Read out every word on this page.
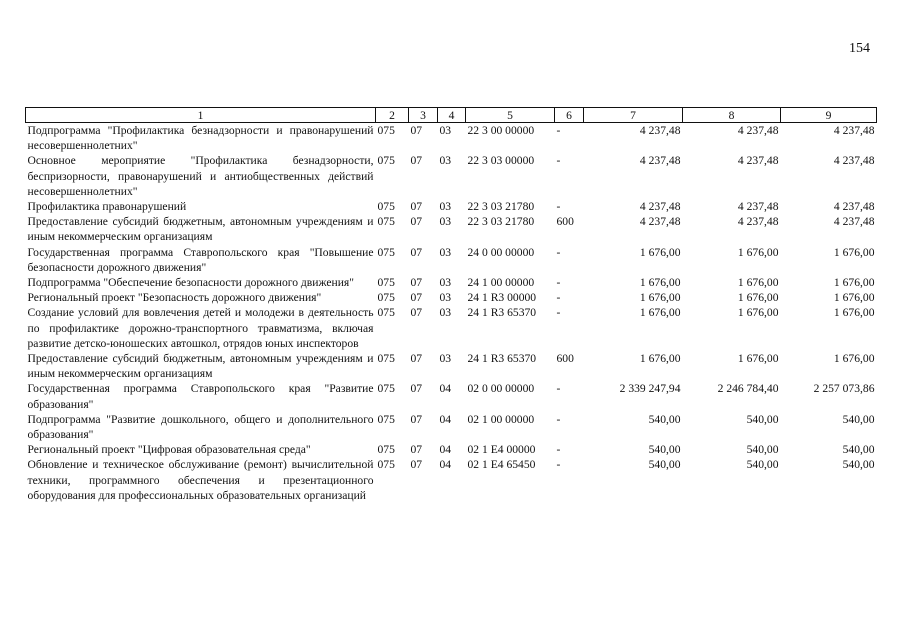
154
1	2	3	4	5	6	7	8	9
Подпрограмма "Профилактика безнадзорности и правонарушений несовершеннолетних"	075	07	03	22 3 00 00000	-	4 237,48	4 237,48	4 237,48
Основное мероприятие "Профилактика безнадзорности, беспризорности, правонарушений и антиобщественных действий несовершеннолетних"	075	07	03	22 3 03 00000	-	4 237,48	4 237,48	4 237,48
Профилактика правонарушений	075	07	03	22 3 03 21780	-	4 237,48	4 237,48	4 237,48
Предоставление субсидий бюджетным, автономным учреждениям и иным некоммерческим организациям	075	07	03	22 3 03 21780	600	4 237,48	4 237,48	4 237,48
Государственная программа Ставропольского края "Повышение безопасности дорожного движения"	075	07	03	24 0 00 00000	-	1 676,00	1 676,00	1 676,00
Подпрограмма "Обеспечение безопасности дорожного движения"	075	07	03	24 1 00 00000	-	1 676,00	1 676,00	1 676,00
Региональный проект "Безопасность дорожного движения"	075	07	03	24 1 R3 00000	-	1 676,00	1 676,00	1 676,00
Создание условий для вовлечения детей и молодежи в деятельность по профилактике дорожно-транспортного травматизма, включая развитие детско-юношеских автошкол, отрядов юных инспекторов	075	07	03	24 1 R3 65370	-	1 676,00	1 676,00	1 676,00
Предоставление субсидий бюджетным, автономным учреждениям и иным некоммерческим организациям	075	07	03	24 1 R3 65370	600	1 676,00	1 676,00	1 676,00
Государственная программа Ставропольского края "Развитие образования"	075	07	04	02 0 00 00000	-	2 339 247,94	2 246 784,40	2 257 073,86
Подпрограмма "Развитие дошкольного, общего и дополнительного образования"	075	07	04	02 1 00 00000	-	540,00	540,00	540,00
Региональный проект "Цифровая образовательная среда"	075	07	04	02 1 E4 00000	-	540,00	540,00	540,00
Обновление и техническое обслуживание (ремонт) вычислительной техники, программного обеспечения и презентационного оборудования для профессиональных образовательных организаций	075	07	04	02 1 E4 65450	-	540,00	540,00	540,00
